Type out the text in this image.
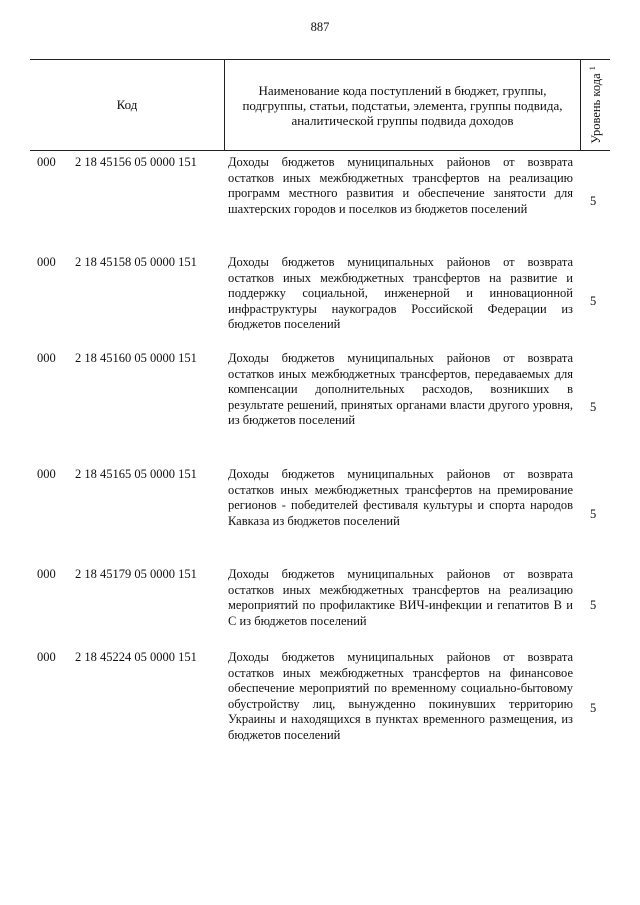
887
Код
Наименование кода поступлений в бюджет, группы, подгруппы, статьи, подстатьи, элемента, группы подвида, аналитической группы подвида доходов	Уровень кода $^1$
000 2 18 45156 05 0000 151 Доходы бюджетов муниципальных районов от возврата остатков иных межбюджетных трансфертов на реализацию программ местного развития и обеспечение занятости для шахтерских городов и поселков из бюджетов поселений
5
000 2 18 45158 05 0000 151 Доходы бюджетов муниципальных районов от возврата остатков иных межбюджетных трансфертов на развитие и поддержку социальной, инженерной и инновационной инфраструктуры наукоградов Российской Федерации из бюджетов поселений
5
000 2 18 45160 05 0000 151 Доходы бюджетов муниципальных районов от возврата остатков иных межбюджетных трансфертов, передаваемых для компенсации дополнительных расходов, возникших в результате решений, принятых органами власти другого уровня, из бюджетов поселений
5
000 2 18 45165 05 0000 151 Доходы бюджетов муниципальных районов от возврата остатков иных межбюджетных трансфертов на премирование регионов - победителей фестиваля культуры и спорта народов Кавказа из бюджетов поселений	5
000 2 18 45179 05 0000 151 Доходы бюджетов муниципальных районов от возврата остатков иных межбюджетных трансфертов на реализацию мероприятий по профилактике ВИЧ-инфекции и гепатитов В и С из бюджетов поселений
5
000 2 18 45224 05 0000 151 Доходы бюджетов муниципальных районов от возврата остатков иных межбюджетных трансфертов на финансовое обеспечение мероприятий по временному социально-бытовому обустройству лиц, вынужденно покинувших территорию Украины и находящихся в пунктах временного размещения, из бюджетов поселений
5
